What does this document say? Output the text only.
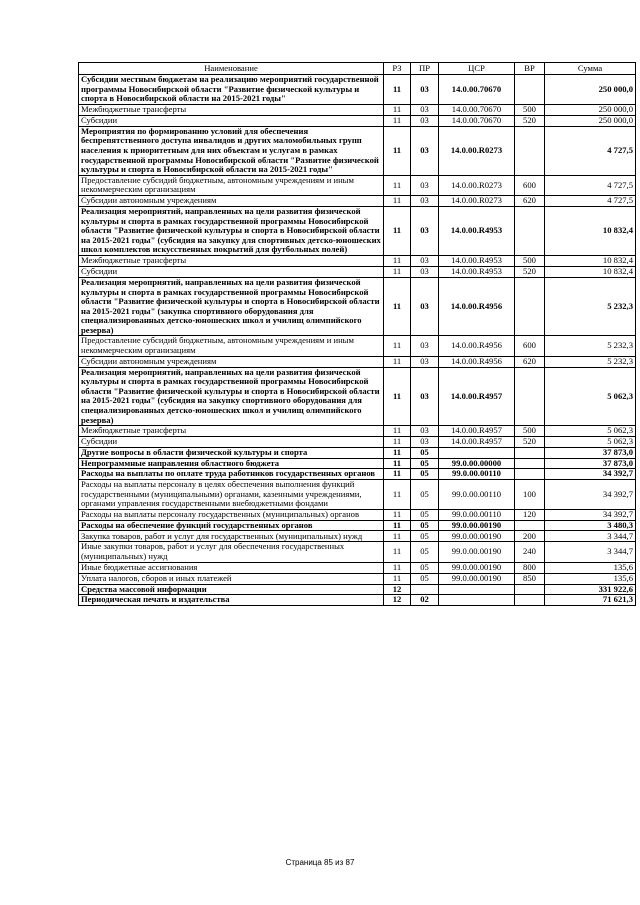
Наименование	РЗ	ПР	ЦСР	ВР	Сумма
Субсидии местным бюджетам на реализацию мероприятий государственной программы Новосибирской области "Развитие физической культуры и спорта в Новосибирской области на 2015-2021 годы"	11	03	14.0.00.70670		250 000,0
Межбюджетные трансферты	11	03	14.0.00.70670	500	250 000,0
Субсидии	11	03	14.0.00.70670	520	250 000,0
Мероприятия по формированию условий для обеспечения беспрепятственного доступа инвалидов и других маломобильных групп населения к приоритетным для них объектам и услугам в рамках государственной программы Новосибирской области "Развитие физической культуры и спорта в Новосибирской области на 2015-2021 годы"	11	03	14.0.00.R0273		4 727,5
Предоставление субсидий бюджетным, автономным учреждениям и иным некоммерческим организациям	11	03	14.0.00.R0273	600	4 727,5
Субсидии автономным учреждениям	11	03	14.0.00.R0273	620	4 727,5
Реализация мероприятий, направленных на цели развития физической культуры и спорта в рамках государственной программы Новосибирской области "Развитие физической культуры и спорта в Новосибирской области на 2015-2021 годы" (субсидия на закупку для спортивных детско-юношеских школ комплектов искусственных покрытий для футбольных полей)	11	03	14.0.00.R4953		10 832,4
Межбюджетные трансферты	11	03	14.0.00.R4953	500	10 832,4
Субсидии	11	03	14.0.00.R4953	520	10 832,4
Реализация мероприятий, направленных на цели развития физической культуры и спорта в рамках государственной программы Новосибирской области "Развитие физической культуры и спорта в Новосибирской области на 2015-2021 годы" (закупка спортивного оборудования для специализированных детско-юношеских школ и училищ олимпийского резерва)	11	03	14.0.00.R4956		5 232,3
Предоставление субсидий бюджетным, автономным учреждениям и иным некоммерческим организациям	11	03	14.0.00.R4956	600	5 232,3
Субсидии автономным учреждениям	11	03	14.0.00.R4956	620	5 232,3
Реализация мероприятий, направленных на цели развития физической культуры и спорта в рамках государственной программы Новосибирской области "Развитие физической культуры и спорта в Новосибирской области на 2015-2021 годы" (субсидия на закупку спортивного оборудования для специализированных детско-юношеских школ и училищ олимпийского резерва)	11	03	14.0.00.R4957		5 062,3
Межбюджетные трансферты	11	03	14.0.00.R4957	500	5 062,3
Субсидии	11	03	14.0.00.R4957	520	5 062,3
Другие вопросы в области физической культуры и спорта	11	05			37 873,0
Непрограммные направления областного бюджета	11	05	99.0.00.00000		37 873,0
Расходы на выплаты по оплате труда работников государственных органов	11	05	99.0.00.00110		34 392,7
Расходы на выплаты персоналу в целях обеспечения выполнения функций государственными (муниципальными) органами, казенными учреждениями, органами управления государственными внебюджетными фондами	11	05	99.0.00.00110	100	34 392,7
Расходы на выплаты персоналу государственных (муниципальных) органов	11	05	99.0.00.00110	120	34 392,7
Расходы на обеспечение функций государственных органов	11	05	99.0.00.00190		3 480,3
Закупка товаров, работ и услуг для государственных (муниципальных) нужд	11	05	99.0.00.00190	200	3 344,7
Иные закупки товаров, работ и услуг для обеспечения государственных (муниципальных) нужд	11	05	99.0.00.00190	240	3 344,7
Иные бюджетные ассигнования	11	05	99.0.00.00190	800	135,6
Уплата налогов, сборов и иных платежей	11	05	99.0.00.00190	850	135,6
Средства массовой информации	12				331 922,6
Периодическая печать и издательства	12	02			71 621,3
Страница 85 из 87
